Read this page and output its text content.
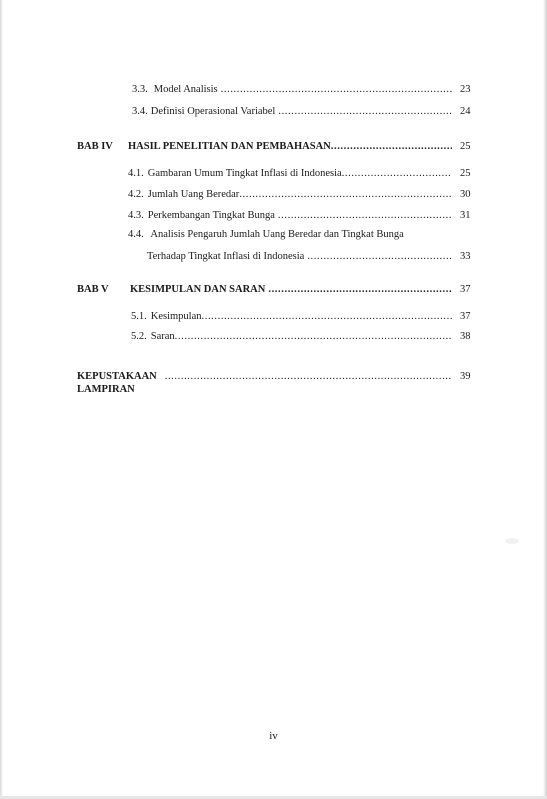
3.3. Model Analisis .....	23
3.4. Definisi Operasional Variabel .....	24
BAB IV HASIL PENELITIAN DAN PEMBAHASAN .....	25
4.1. Gambaran Umum Tingkat Inflasi di Indonesia .....	25
4.2. Jumlah Uang Beredar .....	30
4.3. Perkembangan Tingkat Bunga .....	31
4.4. Analisis Pengaruh Jumlah Uang Beredar dan Tingkat Bunga
Terhadap Tingkat Inflasi di Indonesia .....	33
BAB V KESIMPULAN DAN SARAN .....	37
5.1. Kesimpulan .....	37
5.2. Saran .....	38
KEPUSTAKAAN .....	39
LAMPIRAN
iv
